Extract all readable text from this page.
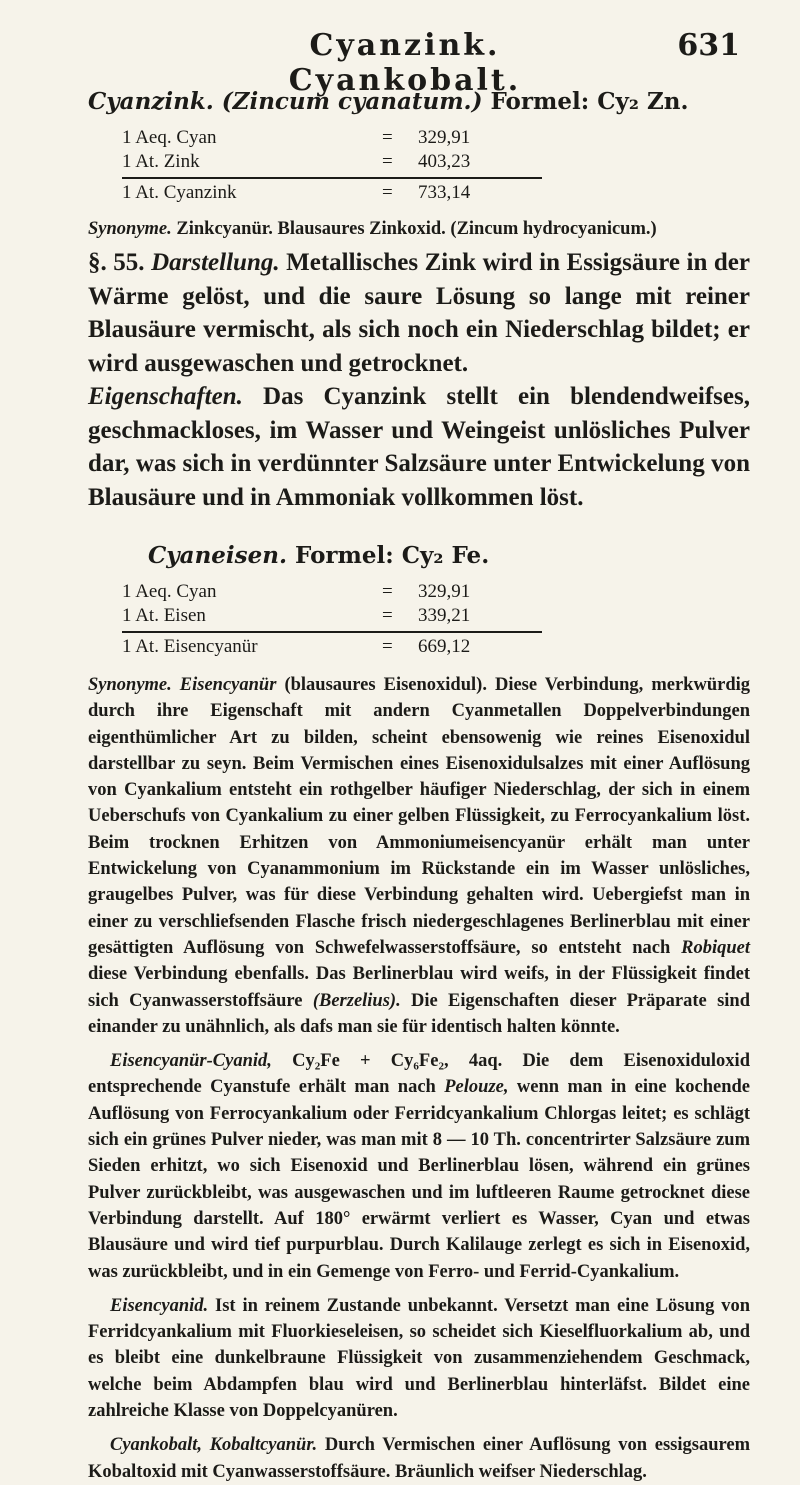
Cyanzink. Cyankobalt.
631
Cyanzink. (Zincum cyanatum.) Formel: Cy₂ Zn.
1 Aeq. Cyan	= 329,91
1 At. Zink	= 403,23
1 At. Cyanzink	= 733,14

Synonyme. Zinkcyanür. Blausaures Zinkoxid. (Zincum hydrocyanicum.)

§. 55. Darstellung. Metallisches Zink wird in Essigsäure in der Wärme gelöst, und die saure Lösung so lange mit reiner Blausäure vermischt, als sich noch ein Niederschlag bildet; er wird ausgewaschen und getrocknet.

Eigenschaften. Das Cyanzink stellt ein blendendweifses, geschmackloses, im Wasser und Weingeist unlösliches Pulver dar, was sich in verdünnter Salzsäure unter Entwickelung von Blausäure und in Ammoniak vollkommen löst.

Cyaneisen. Formel: Cy₂ Fe.
1 Aeq. Cyan	= 329,91
1 At. Eisen	= 339,21
1 At. Eisencyanür	= 669,12

Synonyme. Eisencyanür (blausaures Eisenoxidul). Diese Verbindung, merkwürdig durch ihre Eigenschaft mit andern Cyanmetallen Doppelverbindungen eigenthümlicher Art zu bilden, scheint ebensowenig wie reines Eisenoxidul darstellbar zu seyn. Beim Vermischen eines Eisenoxidulsalzes mit einer Auflösung von Cyankalium entsteht ein rothgelber häufiger Niederschlag, der sich in einem Ueberschufs von Cyankalium zu einer gelben Flüssigkeit, zu Ferrocyankalium löst. Beim trocknen Erhitzen von Ammoniumeisencyanür erhält man unter Entwickelung von Cyanammonium im Rückstande ein im Wasser unlösliches, graugelbes Pulver, was für diese Verbindung gehalten wird. Uebergiefst man in einer zu verschliefsenden Flasche frisch niedergeschlagenes Berlinerblau mit einer gesättigten Auflösung von Schwefelwasserstoffsäure, so entsteht nach Robiquet diese Verbindung ebenfalls. Das Berlinerblau wird weifs, in der Flüssigkeit findet sich Cyanwasserstoffsäure (Berzelius). Die Eigenschaften dieser Präparate sind einander zu unähnlich, als dafs man sie für identisch halten könnte.

Eisencyanür-Cyanid, Cy₂Fe + Cy₆Fe₂, 4aq. Die dem Eisenoxiduloxid entsprechende Cyanstufe erhält man nach Pelouze, wenn man in eine kochende Auflösung von Ferrocyankalium oder Ferridcyankalium Chlorgas leitet; es schlägt sich ein grünes Pulver nieder, was man mit 8 — 10 Th. concentrirter Salzsäure zum Sieden erhitzt, wo sich Eisenoxid und Berlinerblau lösen, während ein grünes Pulver zurückbleibt, was ausgewaschen und im luftleeren Raume getrocknet diese Verbindung darstellt. Auf 180° erwärmt verliert es Wasser, Cyan und etwas Blausäure und wird tief purpurblau. Durch Kalilauge zerlegt es sich in Eisenoxid, was zurückbleibt, und in ein Gemenge von Ferro- und Ferrid-Cyankalium.

Eisencyanid. Ist in reinem Zustande unbekannt. Versetzt man eine Lösung von Ferridcyankalium mit Fluorkieseleisen, so scheidet sich Kieselfluorkalium ab, und es bleibt eine dunkelbraune Flüssigkeit von zusammenziehendem Geschmack, welche beim Abdampfen blau wird und Berlinerblau hinterläfst. Bildet eine zahlreiche Klasse von Doppelcyanüren.

Cyankobalt, Kobaltcyanür. Durch Vermischen einer Auflösung von essigsaurem Kobaltoxid mit Cyanwasserstoffsäure. Bräunlich weifser Niederschlag.
